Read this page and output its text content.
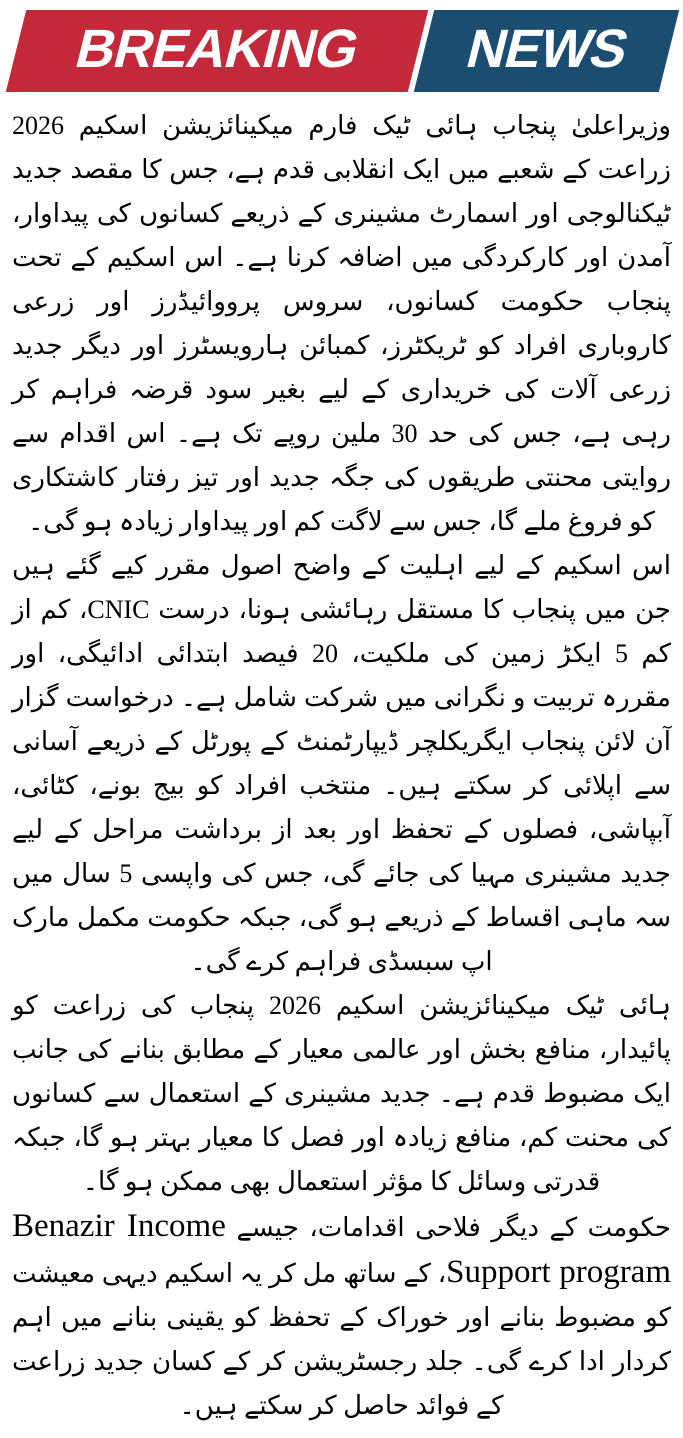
BREAKING NEWS

وزیراعلیٰ پنجاب ہائی ٹیک فارم میکینائزیشن اسکیم 2026 زراعت کے شعبے میں ایک انقلابی قدم ہے، جس کا مقصد جدید ٹیکنالوجی اور اسمارٹ مشینری کے ذریعے کسانوں کی پیداوار، آمدن اور کارکردگی میں اضافہ کرنا ہے۔ اس اسکیم کے تحت پنجاب حکومت کسانوں، سروس پرووائیڈرز اور زرعی کاروباری افراد کو ٹریکٹرز، کمبائن ہارویسٹرز اور دیگر جدید زرعی آلات کی خریداری کے لیے بغیر سود قرضہ فراہم کر رہی ہے، جس کی حد 30 ملین روپے تک ہے۔ اس اقدام سے روایتی محنتی طریقوں کی جگہ جدید اور تیز رفتار کاشتکاری کو فروغ ملے گا، جس سے لاگت کم اور پیداوار زیادہ ہو گی۔

اس اسکیم کے لیے اہلیت کے واضح اصول مقرر کیے گئے ہیں جن میں پنجاب کا مستقل رہائشی ہونا، درست CNIC، کم از کم 5 ایکڑ زمین کی ملکیت، 20 فیصد ابتدائی ادائیگی، اور مقررہ تربیت و نگرانی میں شرکت شامل ہے۔ درخواست گزار آن لائن پنجاب ایگریکلچر ڈیپارٹمنٹ کے پورٹل کے ذریعے آسانی سے اپلائی کر سکتے ہیں۔ منتخب افراد کو بیج بونے، کٹائی، آبپاشی، فصلوں کے تحفظ اور بعد از برداشت مراحل کے لیے جدید مشینری مہیا کی جائے گی، جس کی واپسی 5 سال میں سہ ماہی اقساط کے ذریعے ہو گی، جبکہ حکومت مکمل مارک اپ سبسڈی فراہم کرے گی۔

ہائی ٹیک میکینائزیشن اسکیم 2026 پنجاب کی زراعت کو پائیدار، منافع بخش اور عالمی معیار کے مطابق بنانے کی جانب ایک مضبوط قدم ہے۔ جدید مشینری کے استعمال سے کسانوں کی محنت کم، منافع زیادہ اور فصل کا معیار بہتر ہو گا، جبکہ قدرتی وسائل کا مؤثر استعمال بھی ممکن ہو گا۔

حکومت کے دیگر فلاحی اقدامات، جیسے Benazir Income Support program، کے ساتھ مل کر یہ اسکیم دیہی معیشت کو مضبوط بنانے اور خوراک کے تحفظ کو یقینی بنانے میں اہم کردار ادا کرے گی۔ جلد رجسٹریشن کر کے کسان جدید زراعت کے فوائد حاصل کر سکتے ہیں۔
